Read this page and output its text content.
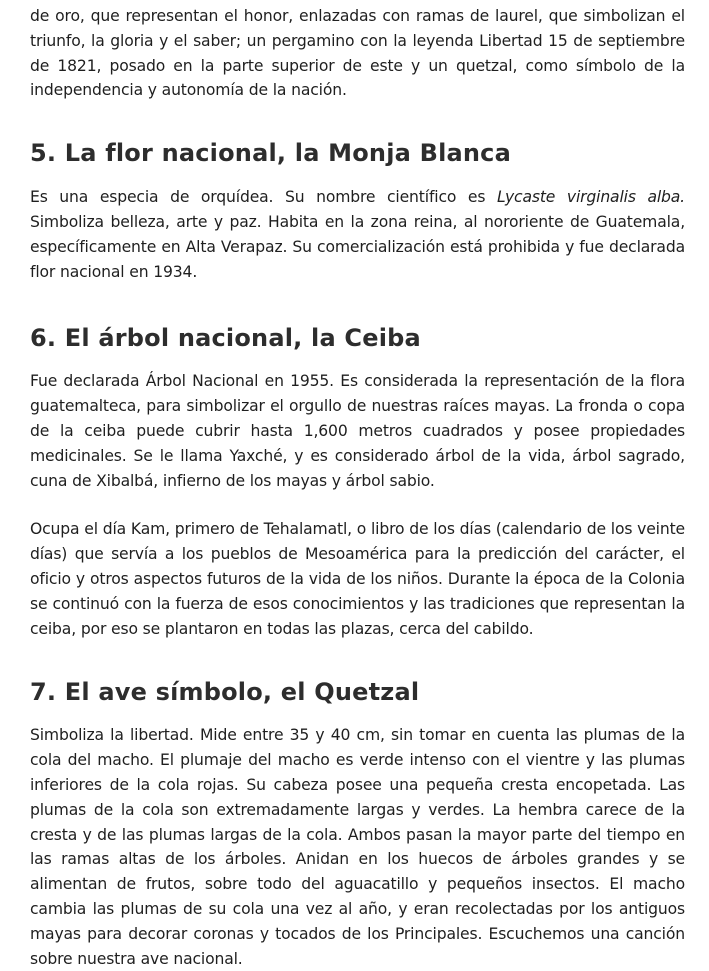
de oro, que representan el honor, enlazadas con ramas de laurel, que simbolizan el triunfo, la gloria y el saber; un pergamino con la leyenda Libertad 15 de septiembre de 1821, posado en la parte superior de este y un quetzal, como símbolo de la independencia y autonomía de la nación.

5. La flor nacional, la Monja Blanca

Es una especia de orquídea. Su nombre científico es Lycaste virginalis alba. Simboliza belleza, arte y paz. Habita en la zona reina, al nororiente de Guatemala, específicamente en Alta Verapaz. Su comercialización está prohibida y fue declarada flor nacional en 1934.

6. El árbol nacional, la Ceiba

Fue declarada Árbol Nacional en 1955. Es considerada la representación de la flora guatemalteca, para simbolizar el orgullo de nuestras raíces mayas. La fronda o copa de la ceiba puede cubrir hasta 1,600 metros cuadrados y posee propiedades medicinales. Se le llama Yaxché, y es considerado árbol de la vida, árbol sagrado, cuna de Xibalbá, infierno de los mayas y árbol sabio.

Ocupa el día Kam, primero de Tehalamatl, o libro de los días (calendario de los veinte días) que servía a los pueblos de Mesoamérica para la predicción del carácter, el oficio y otros aspectos futuros de la vida de los niños. Durante la época de la Colonia se continuó con la fuerza de esos conocimientos y las tradiciones que representan la ceiba, por eso se plantaron en todas las plazas, cerca del cabildo.

7. El ave símbolo, el Quetzal

Simboliza la libertad. Mide entre 35 y 40 cm, sin tomar en cuenta las plumas de la cola del macho. El plumaje del macho es verde intenso con el vientre y las plumas inferiores de la cola rojas. Su cabeza posee una pequeña cresta encopetada. Las plumas de la cola son extremadamente largas y verdes. La hembra carece de la cresta y de las plumas largas de la cola. Ambos pasan la mayor parte del tiempo en las ramas altas de los árboles. Anidan en los huecos de árboles grandes y se alimentan de frutos, sobre todo del aguacatillo y pequeños insectos. El macho cambia las plumas de su cola una vez al año, y eran recolectadas por los antiguos mayas para decorar coronas y tocados de los Principales. Escuchemos una canción sobre nuestra ave nacional.
